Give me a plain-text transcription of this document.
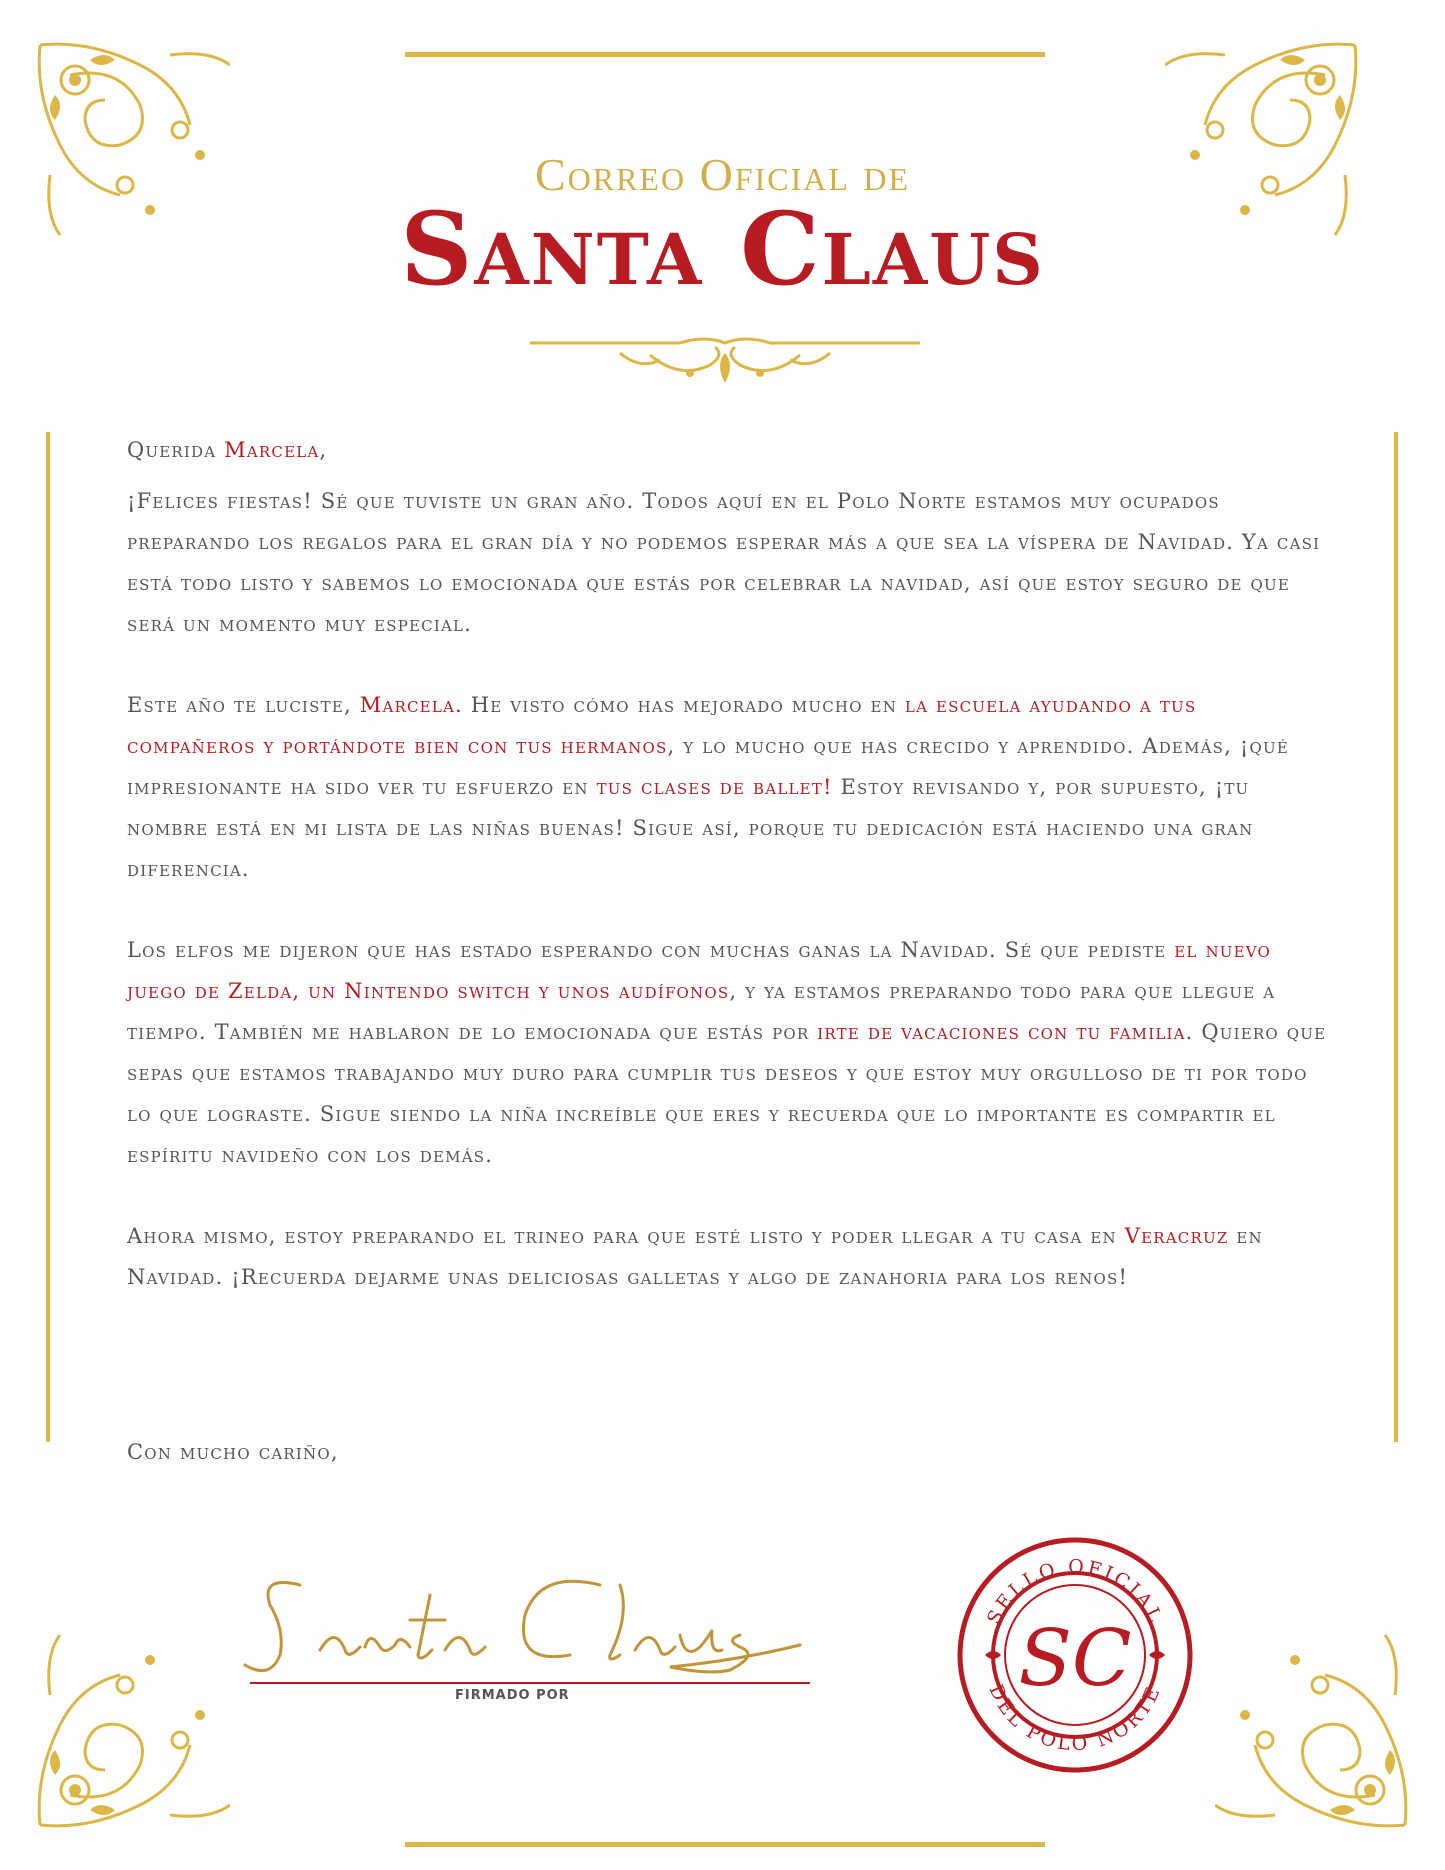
Correo Oficial de
Santa Claus

Querida Marcela,

¡Felices fiestas! Sé que tuviste un gran año. Todos aquí en el Polo Norte estamos muy ocupados preparando los regalos para el gran día y no podemos esperar más a que sea la víspera de Navidad. Ya casi está todo listo y sabemos lo emocionada que estás por celebrar la navidad, así que estoy seguro de que será un momento muy especial.

Este año te luciste, Marcela. He visto cómo has mejorado mucho en la escuela ayudando a tus compañeros y portándote bien con tus hermanos, y lo mucho que has crecido y aprendido. Además, ¡qué impresionante ha sido ver tu esfuerzo en tus clases de ballet! Estoy revisando y, por supuesto, ¡tu nombre está en mi lista de las niñas buenas! Sigue así, porque tu dedicación está haciendo una gran diferencia.

Los elfos me dijeron que has estado esperando con muchas ganas la Navidad. Sé que pediste el nuevo juego de Zelda, un Nintendo switch y unos audífonos, y ya estamos preparando todo para que llegue a tiempo. También me hablaron de lo emocionada que estás por irte de vacaciones con tu familia. Quiero que sepas que estamos trabajando muy duro para cumplir tus deseos y que estoy muy orgulloso de ti por todo lo que lograste. Sigue siendo la niña increíble que eres y recuerda que lo importante es compartir el espíritu navideño con los demás.

Ahora mismo, estoy preparando el trineo para que esté listo y poder llegar a tu casa en Veracruz en Navidad. ¡Recuerda dejarme unas deliciosas galletas y algo de zanahoria para los renos!

Con mucho cariño,
FIRMADO POR
SELLO OFICIAL
DEL POLO NORTE
SC
